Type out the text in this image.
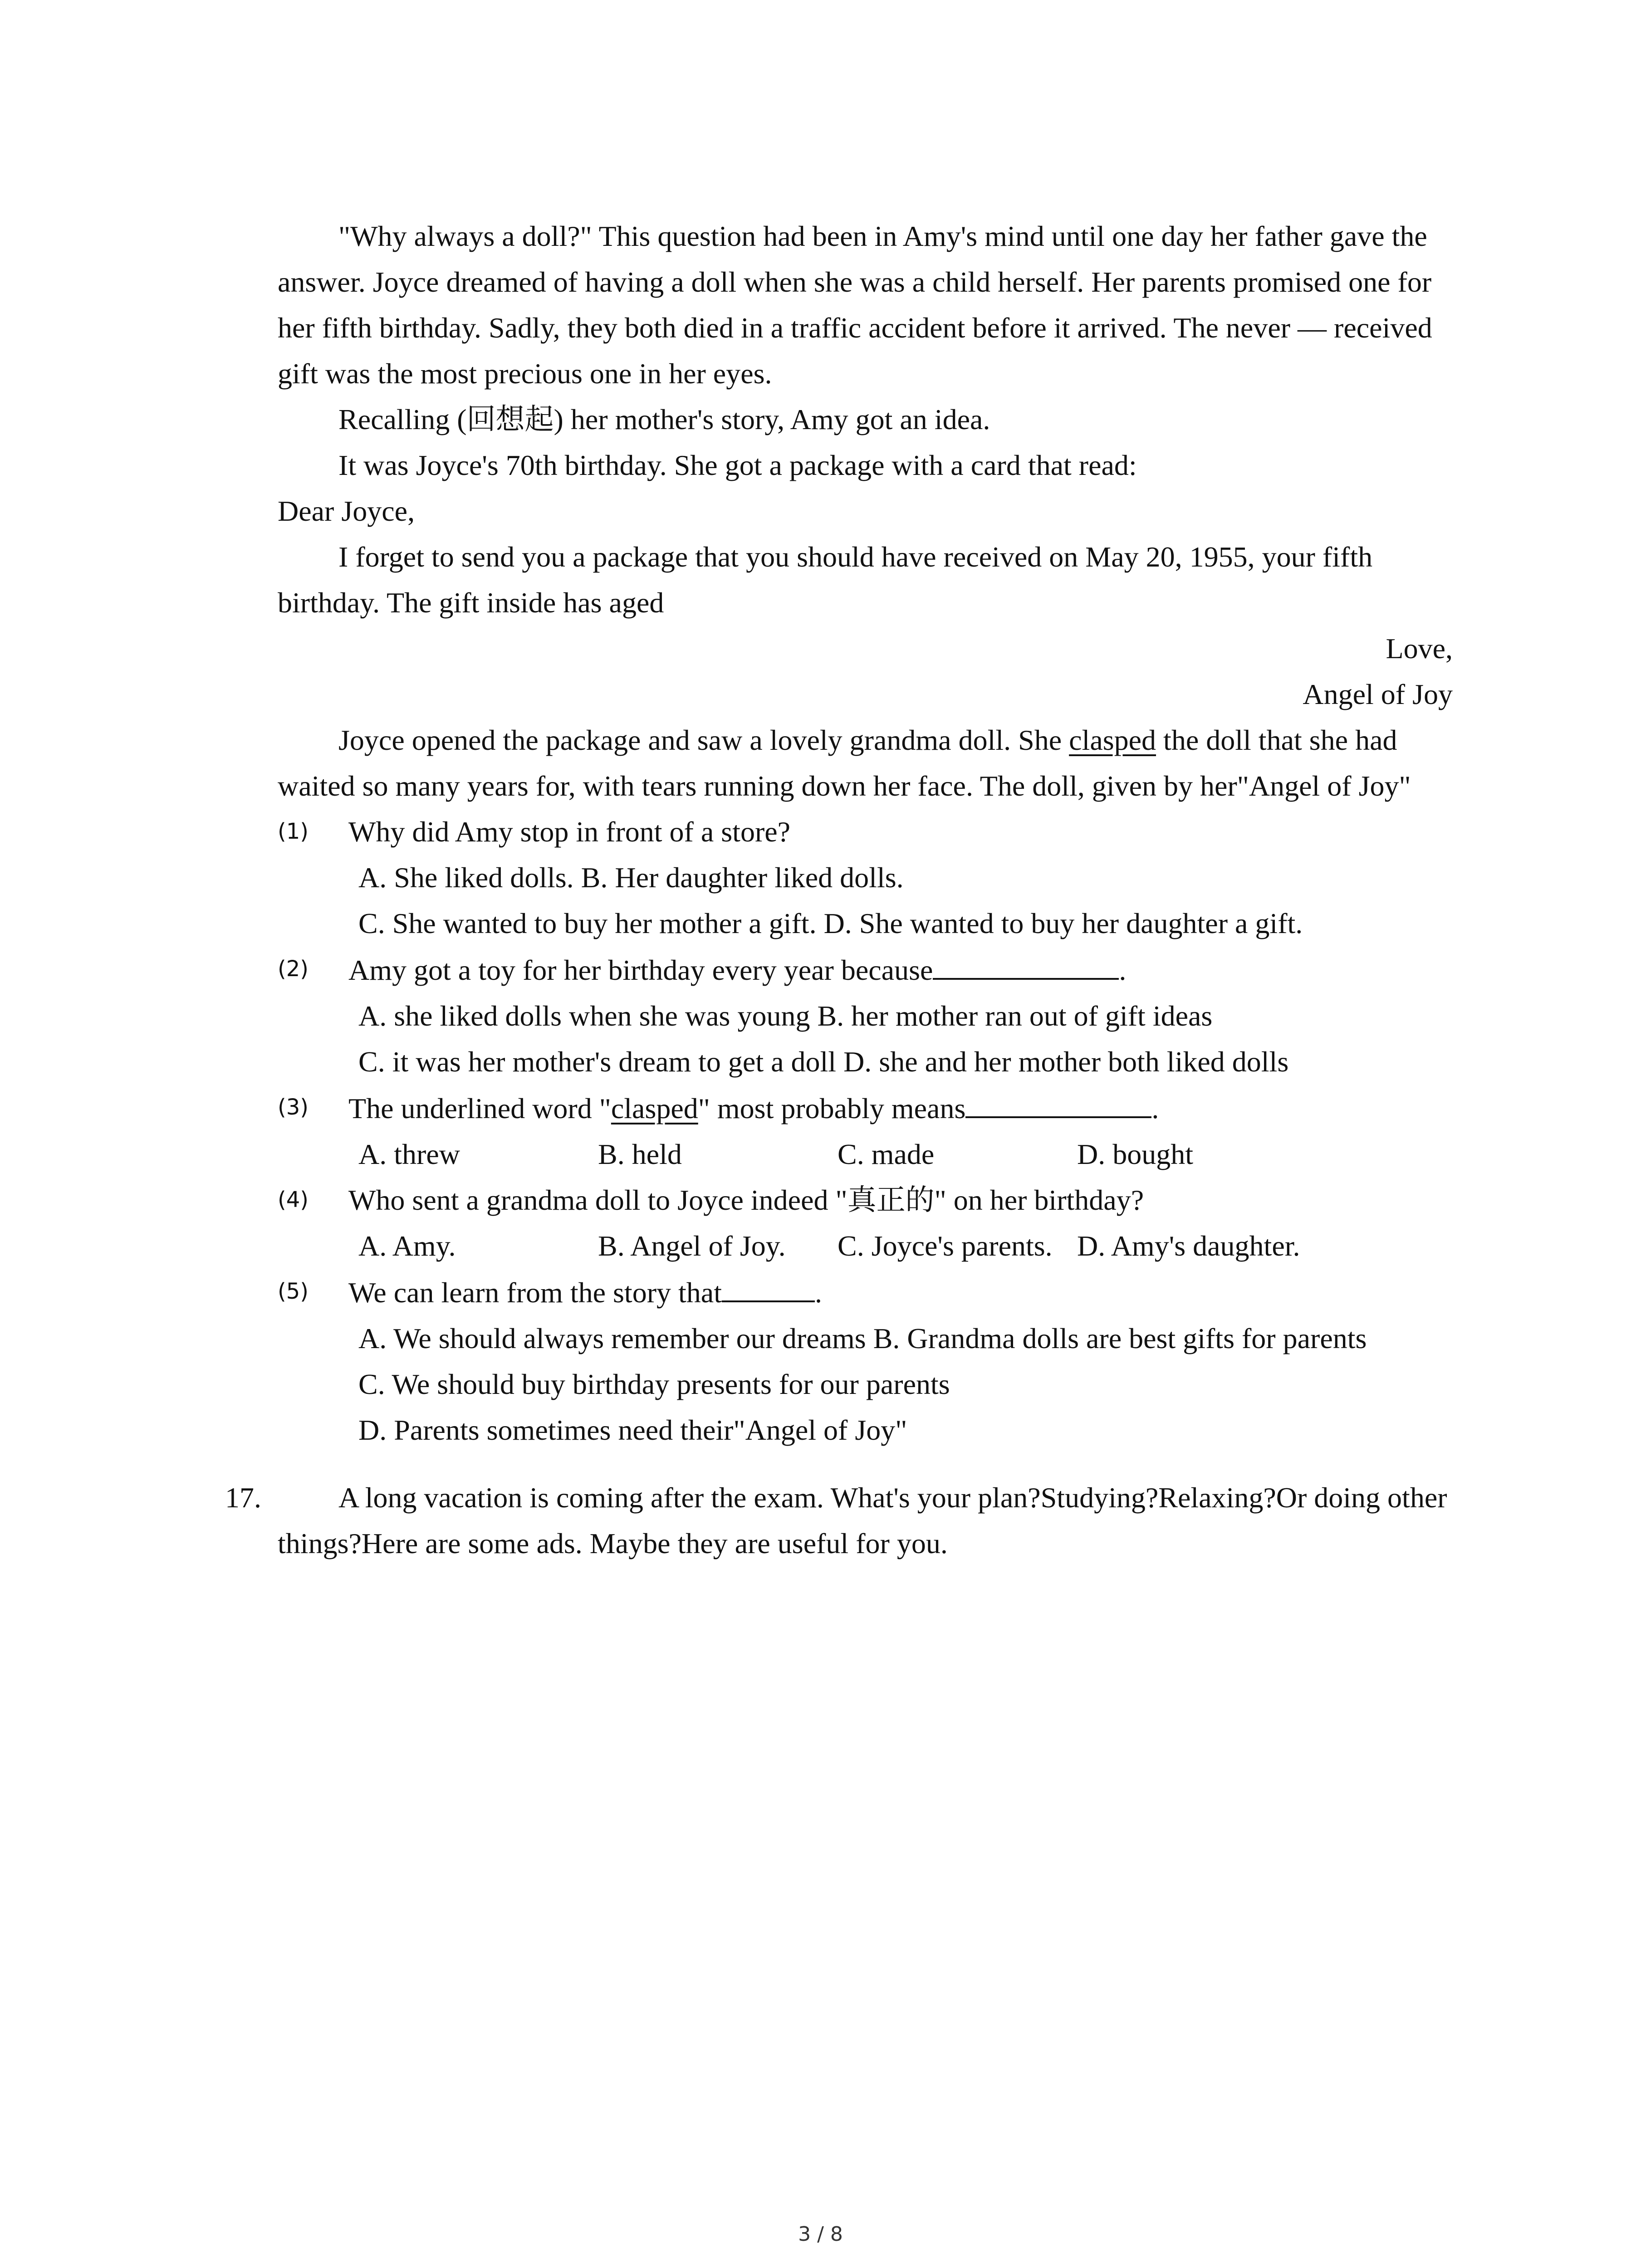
"Why always a doll?" This question had been in Amy's mind until one day her father gave the answer. Joyce dreamed of having a doll when she was a child herself. Her parents promised one for her fifth birthday. Sadly, they both died in a traffic accident before it arrived. The never — received gift was the most precious one in her eyes.

Recalling (回想起) her mother's story, Amy got an idea.

It was Joyce's 70th birthday. She got a package with a card that read:

Dear Joyce,

I forget to send you a package that you should have received on May 20, 1955, your fifth birthday. The gift inside has aged

Love,

Angel of Joy

Joyce opened the package and saw a lovely grandma doll. She clasped the doll that she had waited so many years for, with tears running down her face. The doll, given by her"Angel of Joy"

(1) Why did Amy stop in front of a store?

A. She liked dolls. B. Her daughter liked dolls.

C. She wanted to buy her mother a gift. D. She wanted to buy her daughter a gift.

(2) Amy got a toy for her birthday every year because	.

A. she liked dolls when she was young B. her mother ran out of gift ideas

C. it was her mother's dream to get a doll D. she and her mother both liked dolls

(3) The underlined word "clasped" most probably means	.

A. threw	B. held	C. made	D. bought

(4) Who sent a grandma doll to Joyce indeed "真正的" on her birthday?

A. Amy.	B. Angel of Joy.	C. Joyce's parents. D. Amy's daughter.

(5) We can learn from the story that	.

A. We should always remember our dreams B. Grandma dolls are best gifts for parents

C. We should buy birthday presents for our parents

D. Parents sometimes need their"Angel of Joy"

17.	A long vacation is coming after the exam. What's your plan?Studying?Relaxing?Or doing other things?Here are some ads. Maybe they are useful for you.

3 / 8
